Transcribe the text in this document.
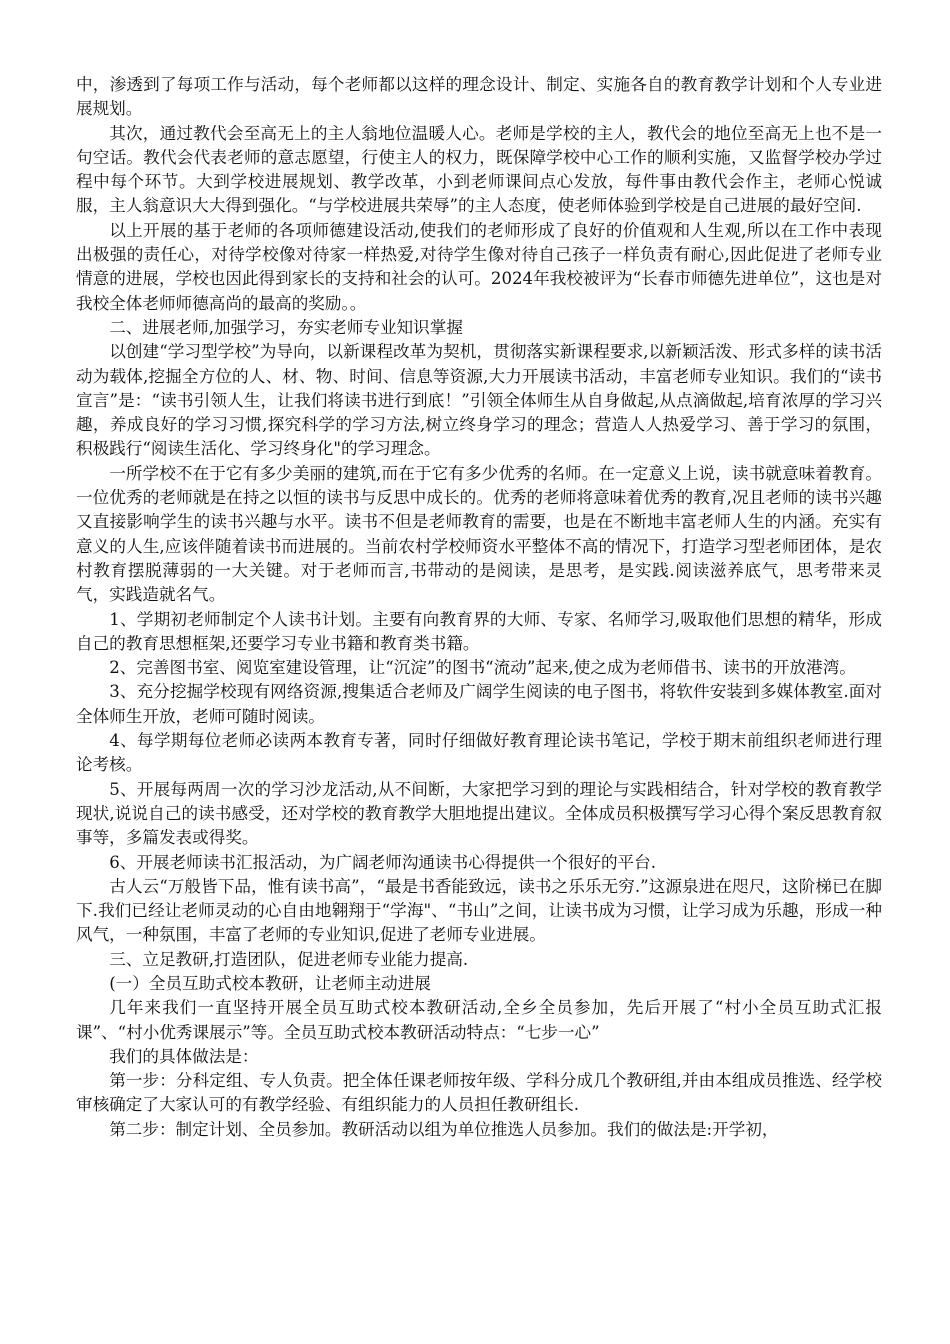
中，渗透到了每项工作与活动，每个老师都以这样的理念设计、制定、实施各自的教育教学计划和个人专业进展规划。

其次，通过教代会至高无上的主人翁地位温暖人心。老师是学校的主人，教代会的地位至高无上也不是一句空话。教代会代表老师的意志愿望，行使主人的权力，既保障学校中心工作的顺利实施，又监督学校办学过程中每个环节。大到学校进展规划、教学改革，小到老师课间点心发放，每件事由教代会作主，老师心悦诚服，主人翁意识大大得到强化。“与学校进展共荣辱”的主人态度，使老师体验到学校是自己进展的最好空间.

以上开展的基于老师的各项师德建设活动,使我们的老师形成了良好的价值观和人生观,所以在工作中表现出极强的责任心，对待学校像对待家一样热爱,对待学生像对待自己孩子一样负责有耐心,因此促进了老师专业情意的进展，学校也因此得到家长的支持和社会的认可。2024年我校被评为“长春市师德先进单位”，这也是对我校全体老师师德高尚的最高的奖励。。

二、进展老师,加强学习，夯实老师专业知识掌握

以创建“学习型学校”为导向，以新课程改革为契机，贯彻落实新课程要求,以新颖活泼、形式多样的读书活动为载体,挖掘全方位的人、材、物、时间、信息等资源,大力开展读书活动，丰富老师专业知识。我们的“读书宣言”是：“读书引领人生，让我们将读书进行到底！”引领全体师生从自身做起,从点滴做起,培育浓厚的学习兴趣，养成良好的学习习惯,探究科学的学习方法,树立终身学习的理念；营造人人热爱学习、善于学习的氛围，积极践行“阅读生活化、学习终身化"的学习理念。

一所学校不在于它有多少美丽的建筑,而在于它有多少优秀的名师。在一定意义上说，读书就意味着教育。一位优秀的老师就是在持之以恒的读书与反思中成长的。优秀的老师将意味着优秀的教育,况且老师的读书兴趣又直接影响学生的读书兴趣与水平。读书不但是老师教育的需要，也是在不断地丰富老师人生的内涵。充实有意义的人生,应该伴随着读书而进展的。当前农村学校师资水平整体不高的情况下，打造学习型老师团体，是农村教育摆脱薄弱的一大关键。对于老师而言,书带动的是阅读，是思考，是实践.阅读滋养底气，思考带来灵气，实践造就名气。

1、学期初老师制定个人读书计划。主要有向教育界的大师、专家、名师学习,吸取他们思想的精华，形成自己的教育思想框架,还要学习专业书籍和教育类书籍。

2、完善图书室、阅览室建设管理，让“沉淀”的图书“流动”起来,使之成为老师借书、读书的开放港湾。

3、充分挖掘学校现有网络资源,搜集适合老师及广阔学生阅读的电子图书，将软件安装到多媒体教室.面对全体师生开放，老师可随时阅读。

4、每学期每位老师必读两本教育专著，同时仔细做好教育理论读书笔记，学校于期末前组织老师进行理论考核。

5、开展每两周一次的学习沙龙活动,从不间断，大家把学习到的理论与实践相结合，针对学校的教育教学现状,说说自己的读书感受，还对学校的教育教学大胆地提出建议。全体成员积极撰写学习心得个案反思教育叙事等，多篇发表或得奖。

6、开展老师读书汇报活动，为广阔老师沟通读书心得提供一个很好的平台.

古人云“万般皆下品，惟有读书高”，“最是书香能致远，读书之乐乐无穷.”这源泉进在咫尺，这阶梯已在脚下.我们已经让老师灵动的心自由地翱翔于“学海"、“书山”之间，让读书成为习惯，让学习成为乐趣，形成一种风气，一种氛围，丰富了老师的专业知识,促进了老师专业进展。

三、立足教研,打造团队，促进老师专业能力提高.

(一）全员互助式校本教研，让老师主动进展

几年来我们一直坚持开展全员互助式校本教研活动,全乡全员参加，先后开展了“村小全员互助式汇报课”、“村小优秀课展示”等。全员互助式校本教研活动特点：“七步一心”

我们的具体做法是：

第一步：分科定组、专人负责。把全体任课老师按年级、学科分成几个教研组,并由本组成员推选、经学校审核确定了大家认可的有教学经验、有组织能力的人员担任教研组长.

第二步：制定计划、全员参加。教研活动以组为单位推选人员参加。我们的做法是:开学初，
